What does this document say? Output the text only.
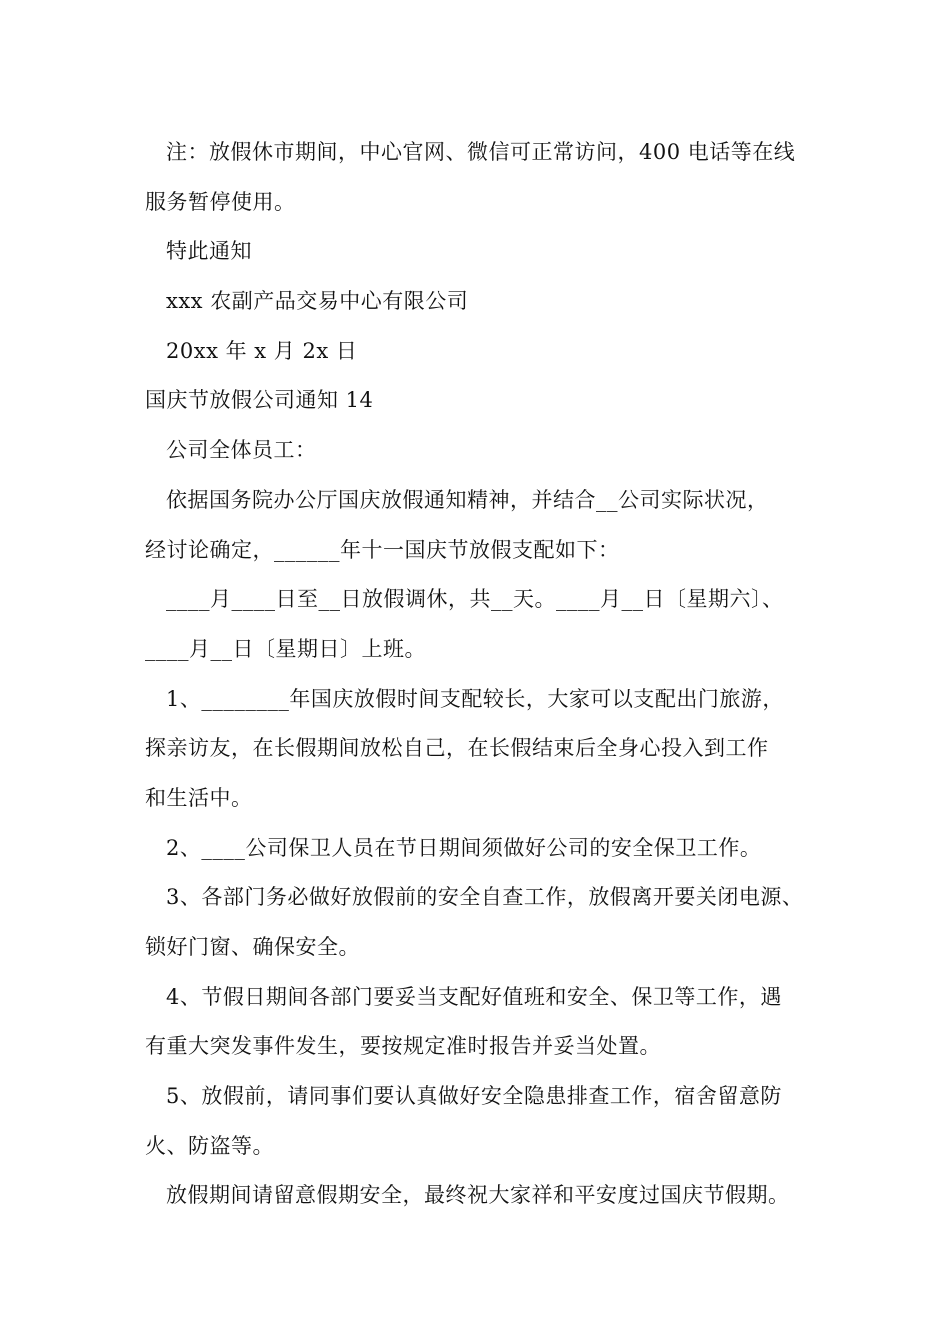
注：放假休市期间，中心官网、微信可正常访问，400 电话等在线
服务暂停使用。
特此通知
xxx 农副产品交易中心有限公司
20xx 年 x 月 2x 日
国庆节放假公司通知 14
公司全体员工：
依据国务院办公厅国庆放假通知精神，并结合__公司实际状况，
经讨论确定，______年十一国庆节放假支配如下：
____月____日至__日放假调休，共__天。____月__日〔星期六〕、
____月__日〔星期日〕上班。
1、________年国庆放假时间支配较长，大家可以支配出门旅游，
探亲访友，在长假期间放松自己，在长假结束后全身心投入到工作
和生活中。
2、____公司保卫人员在节日期间须做好公司的安全保卫工作。
3、各部门务必做好放假前的安全自查工作，放假离开要关闭电源、
锁好门窗、确保安全。
4、节假日期间各部门要妥当支配好值班和安全、保卫等工作，遇
有重大突发事件发生，要按规定准时报告并妥当处置。
5、放假前，请同事们要认真做好安全隐患排查工作，宿舍留意防
火、防盗等。
放假期间请留意假期安全，最终祝大家祥和平安度过国庆节假期。
